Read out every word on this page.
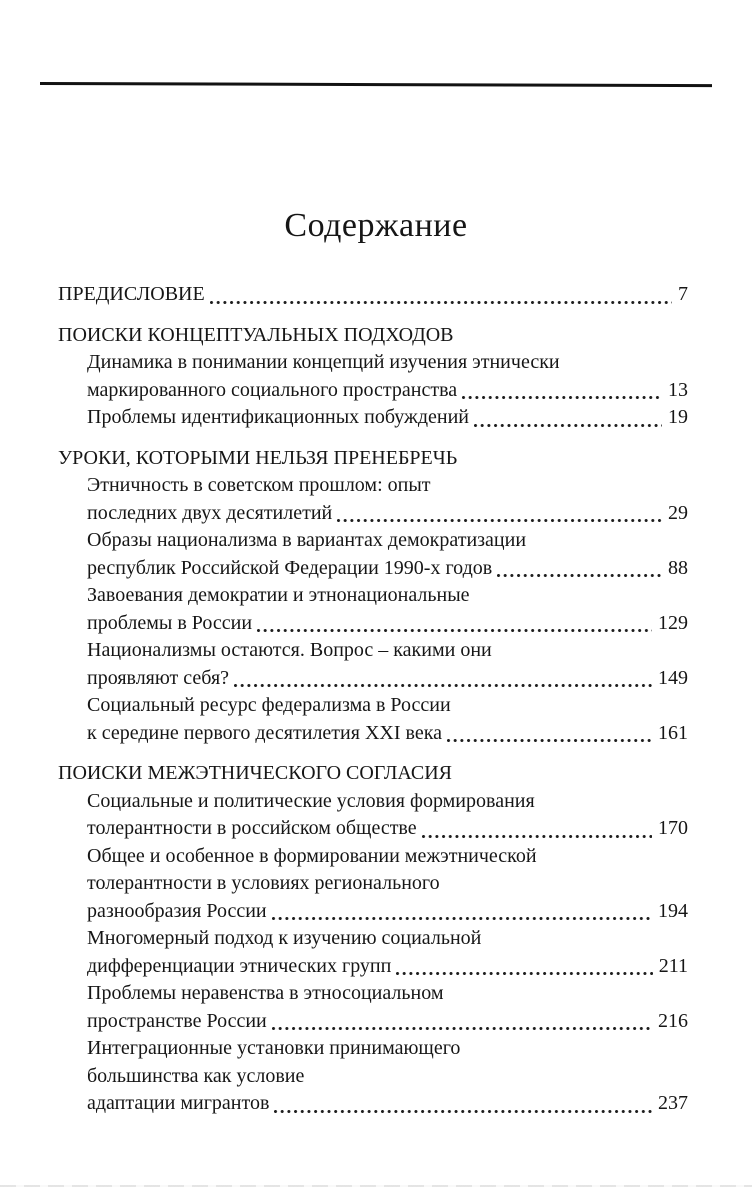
Содержание
ПРЕДИСЛОВИЕ	7
ПОИСКИ КОНЦЕПТУАЛЬНЫХ ПОДХОДОВ
Динамика в понимании концепций изучения этнически
маркированного социального пространства	13
Проблемы идентификационных побуждений	19
УРОКИ, КОТОРЫМИ НЕЛЬЗЯ ПРЕНЕБРЕЧЬ
Этничность в советском прошлом: опыт
последних двух десятилетий	29
Образы национализма в вариантах демократизации
республик Российской Федерации 1990-х годов	88
Завоевания демократии и этнонациональные
проблемы в России	129
Национализмы остаются. Вопрос – какими они
проявляют себя?	149
Социальный ресурс федерализма в России
к середине первого десятилетия XXI века	161
ПОИСКИ МЕЖЭТНИЧЕСКОГО СОГЛАСИЯ
Социальные и политические условия формирования
толерантности в российском обществе	170
Общее и особенное в формировании межэтнической
толерантности в условиях регионального
разнообразия России	194
Многомерный подход к изучению социальной
дифференциации этнических групп	211
Проблемы неравенства в этносоциальном
пространстве России	216
Интеграционные установки принимающего
большинства как условие
адаптации мигрантов	237
